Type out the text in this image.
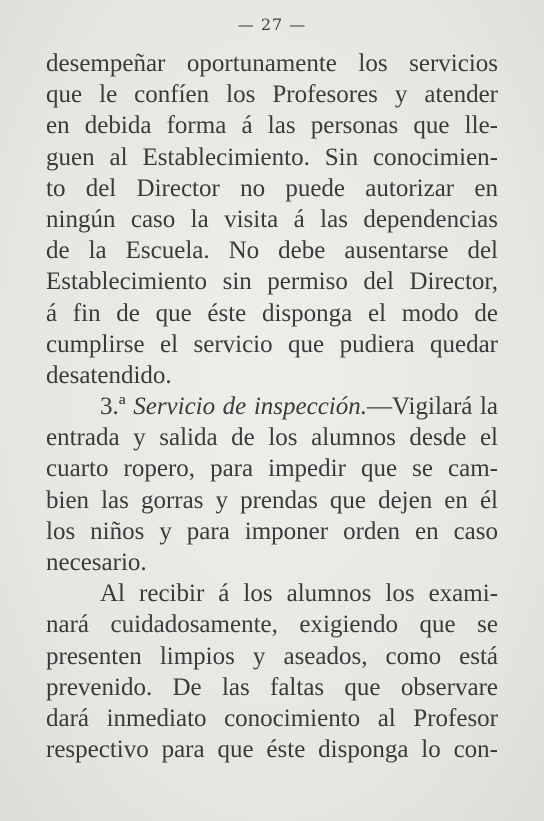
— 27 —
desempeñar oportunamente los servicios
que le confíen los Profesores y atender
en debida forma á las personas que lle-
guen al Establecimiento. Sin conocimien-
to del Director no puede autorizar en
ningún caso la visita á las dependencias
de la Escuela. No debe ausentarse del
Establecimiento sin permiso del Director,
á fin de que éste disponga el modo de
cumplirse el servicio que pudiera quedar
desatendido.
3.ª Servicio de inspección.—Vigilará la
entrada y salida de los alumnos desde el
cuarto ropero, para impedir que se cam-
bien las gorras y prendas que dejen en él
los niños y para imponer orden en caso
necesario.
Al recibir á los alumnos los exami-
nará cuidadosamente, exigiendo que se
presenten limpios y aseados, como está
prevenido. De las faltas que observare
dará inmediato conocimiento al Profesor
respectivo para que éste disponga lo con-
